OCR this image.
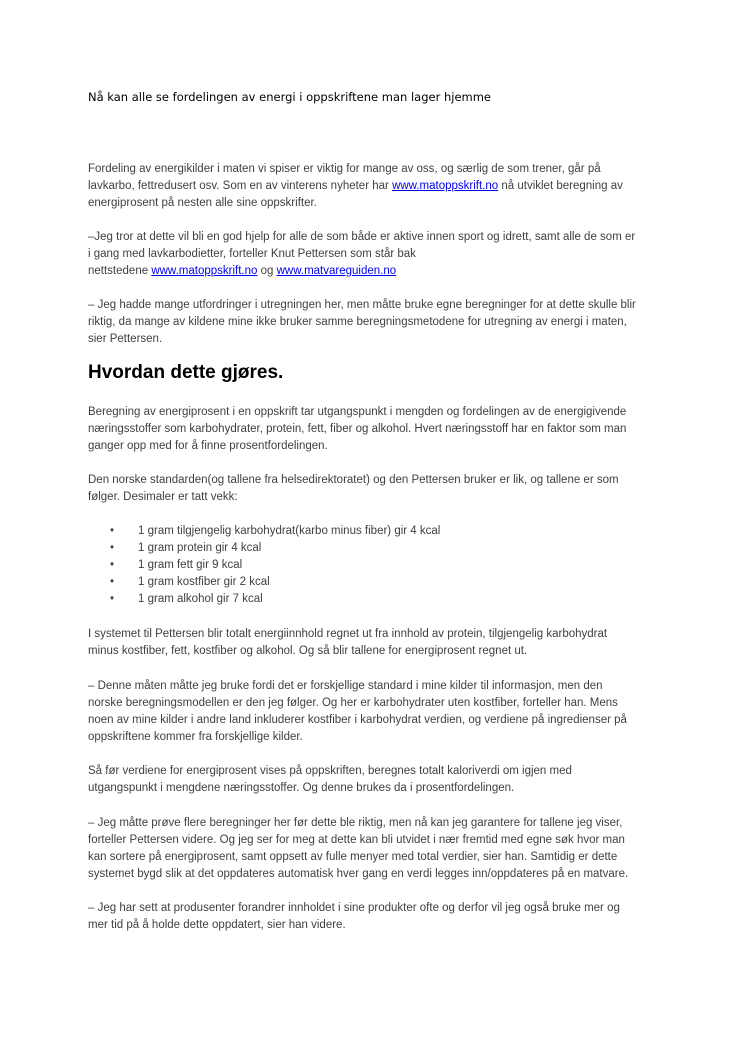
Nå kan alle se fordelingen av energi i oppskriftene man lager hjemme

Fordeling av energikilder i maten vi spiser er viktig for mange av oss, og særlig de som trener, går på

lavkarbo, fettredusert osv. Som en av vinterens nyheter har www.matoppskrift.no nå utviklet beregning av

energiprosent på nesten alle sine oppskrifter.

–Jeg tror at dette vil bli en god hjelp for alle de som både er aktive innen sport og idrett, samt alle de som er

i gang med lavkarbodietter, forteller Knut Pettersen som står bak

nettstedene www.matoppskrift.no og www.matvareguiden.no

– Jeg hadde mange utfordringer i utregningen her, men måtte bruke egne beregninger for at dette skulle blir

riktig, da mange av kildene mine ikke bruker samme beregningsmetodene for utregning av energi i maten,

sier Pettersen.

Hvordan dette gjøres.

Beregning av energiprosent i en oppskrift tar utgangspunkt i mengden og fordelingen av de energigivende

næringsstoffer som karbohydrater, protein, fett, fiber og alkohol. Hvert næringsstoff har en faktor som man

ganger opp med for å finne prosentfordelingen.

Den norske standarden(og tallene fra helsedirektoratet) og den Pettersen bruker er lik, og tallene er som

følger. Desimaler er tatt vekk:

• 1 gram tilgjengelig karbohydrat(karbo minus fiber) gir 4 kcal
• 1 gram protein gir 4 kcal
• 1 gram fett gir 9 kcal
• 1 gram kostfiber gir 2 kcal
• 1 gram alkohol gir 7 kcal

I systemet til Pettersen blir totalt energiinnhold regnet ut fra innhold av protein, tilgjengelig karbohydrat

minus kostfiber, fett, kostfiber og alkohol. Og så blir tallene for energiprosent regnet ut.

– Denne måten måtte jeg bruke fordi det er forskjellige standard i mine kilder til informasjon, men den

norske beregningsmodellen er den jeg følger. Og her er karbohydrater uten kostfiber, forteller han. Mens

noen av mine kilder i andre land inkluderer kostfiber i karbohydrat verdien, og verdiene på ingredienser på

oppskriftene kommer fra forskjellige kilder.

Så før verdiene for energiprosent vises på oppskriften, beregnes totalt kaloriverdi om igjen med

utgangspunkt i mengdene næringsstoffer. Og denne brukes da i prosentfordelingen.

– Jeg måtte prøve flere beregninger her før dette ble riktig, men nå kan jeg garantere for tallene jeg viser,

forteller Pettersen videre. Og jeg ser for meg at dette kan bli utvidet i nær fremtid med egne søk hvor man

kan sortere på energiprosent, samt oppsett av fulle menyer med total verdier, sier han. Samtidig er dette

systemet bygd slik at det oppdateres automatisk hver gang en verdi legges inn/oppdateres på en matvare.

– Jeg har sett at produsenter forandrer innholdet i sine produkter ofte og derfor vil jeg også bruke mer og

mer tid på å holde dette oppdatert, sier han videre.
